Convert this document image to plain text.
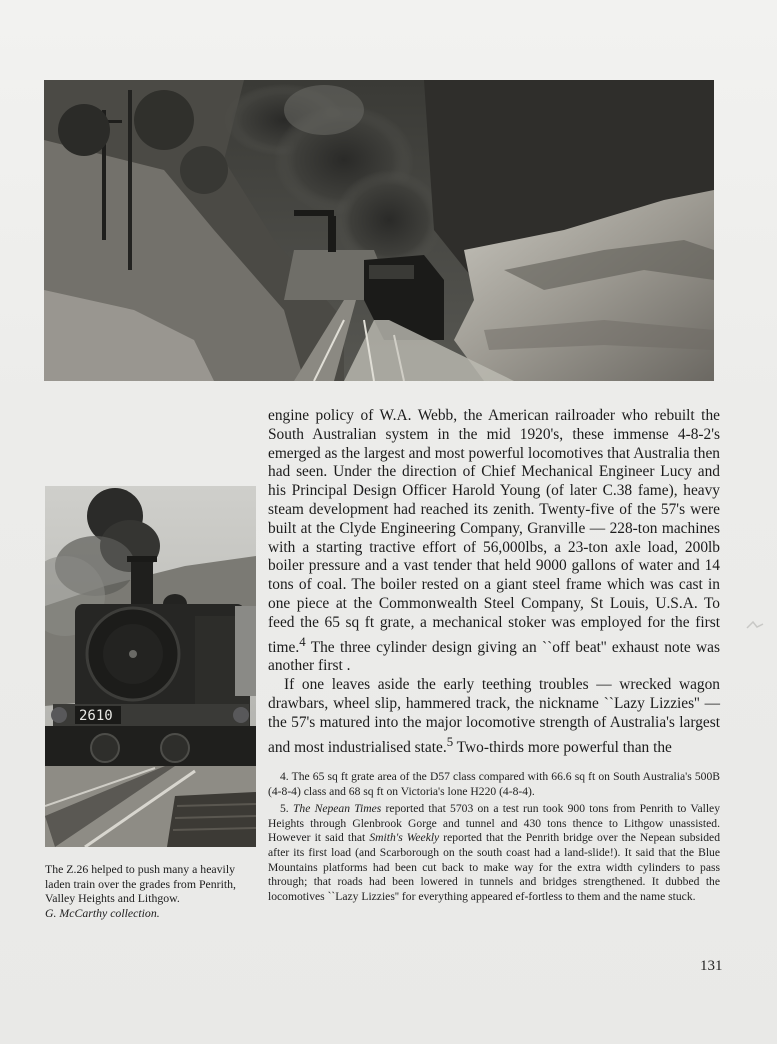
2610
The Z.26 helped to push many a heavily
laden train over the grades from Penrith,
Valley Heights and Lithgow.
G. McCarthy collection.

engine policy of W.A. Webb, the American railroader who rebuilt the South Australian system in the mid 1920's, these immense 4-8-2's emerged as the largest and most powerful locomotives that Australia then had seen. Under the direction of Chief Mechanical Engineer Lucy and his Principal Design Officer Harold Young (of later C.38 fame), heavy steam development had reached its zenith. Twenty-five of the 57's were built at the Clyde Engineering Company, Granville — 228-ton machines with a starting tractive effort of 56,000lbs, a 23-ton axle load, 200lb boiler pressure and a vast tender that held 9000 gallons of water and 14 tons of coal. The boiler rested on a giant steel frame which was cast in one piece at the Commonwealth Steel Company, St Louis, U.S.A. To feed the 65 sq ft grate, a mechanical stoker was employed for the first time.$^4$ The three cylinder design giving an ``off beat'' exhaust note was another first .

If one leaves aside the early teething troubles — wrecked wagon drawbars, wheel slip, hammered track, the nickname ``Lazy Lizzies'' — the 57's matured into the major locomotive strength of Australia's largest and most industrialised state.$^5$ Two-thirds more powerful than the

4. The 65 sq ft grate area of the D57 class compared with 66.6 sq ft on South Australia's 500B (4-8-4) class and 68 sq ft on Victoria's lone H220 (4-8-4).

5. The Nepean Times reported that 5703 on a test run took 900 tons from Penrith to Valley Heights through Glenbrook Gorge and tunnel and 430 tons thence to Lithgow unassisted. However it said that Smith's Weekly reported that the Penrith bridge over the Nepean subsided after its first load (and Scarborough on the south coast had a land-slide!). It said that the Blue Mountains platforms had been cut back to make way for the extra width cylinders to pass through; that roads had been lowered in tunnels and bridges strengthened. It dubbed the locomotives ``Lazy Lizzies'' for everything appeared ef-fortless to them and the name stuck.

131
